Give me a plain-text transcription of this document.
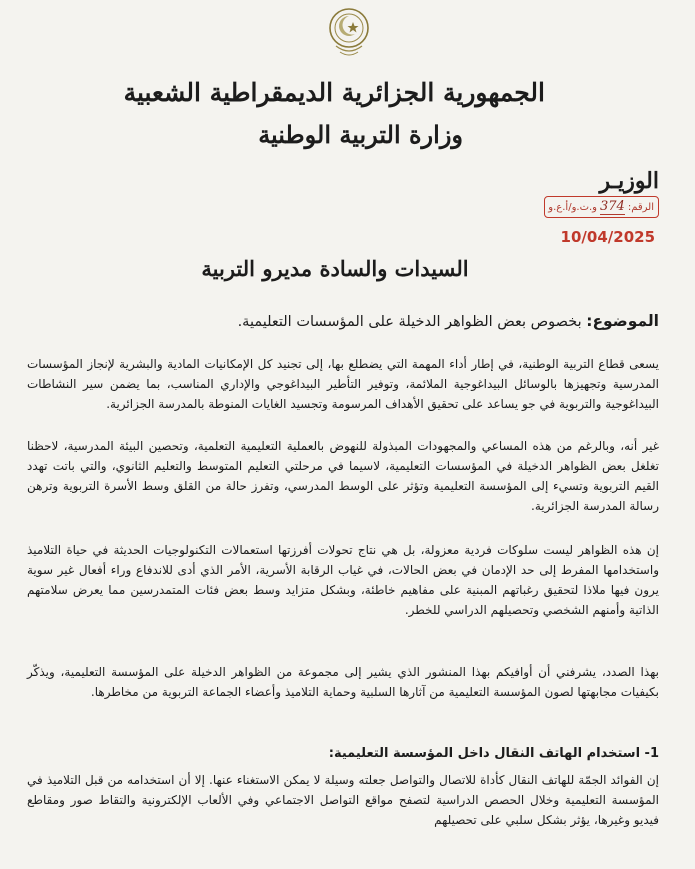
الجمهورية الجزائرية الديمقراطية الشعبية
وزارة التربية الوطنية
الوزيـر
الرقم:
374
و.ت.و/أ.ع.و
10/04/2025
السيدات والسادة مديرو التربية
الموضوع: بخصوص بعض الظواهر الدخيلة على المؤسسات التعليمية.

يسعى قطاع التربية الوطنية، في إطار أداء المهمة التي يضطلع بها، إلى تجنيد كل الإمكانيات المادية والبشرية لإنجاز المؤسسات المدرسية وتجهيزها بالوسائل البيداغوجية الملائمة، وتوفير التأطير البيداغوجي والإداري المناسب، بما يضمن سير النشاطات البيداغوجية والتربوية في جو يساعد على تحقيق الأهداف المرسومة وتجسيد الغايات المنوطة بالمدرسة الجزائرية.

غير أنه، وبالرغم من هذه المساعي والمجهودات المبذولة للنهوض بالعملية التعليمية التعلمية، وتحصين البيئة المدرسية، لاحظنا تغلغل بعض الظواهر الدخيلة في المؤسسات التعليمية، لاسيما في مرحلتي التعليم المتوسط والتعليم الثانوي، والتي باتت تهدد القيم التربوية وتسيء إلى المؤسسة التعليمية وتؤثر على الوسط المدرسي، وتفرز حالة من القلق وسط الأسرة التربوية وترهن رسالة المدرسة الجزائرية.

إن هذه الظواهر ليست سلوكات فردية معزولة، بل هي نتاج تحولات أفرزتها استعمالات التكنولوجيات الحديثة في حياة التلاميذ واستخدامها المفرط إلى حد الإدمان في بعض الحالات، في غياب الرقابة الأسرية، الأمر الذي أدى للاندفاع وراء أفعال غير سوية يرون فيها ملاذا لتحقيق رغباتهم المبنية على مفاهيم خاطئة، وبشكل متزايد وسط بعض فئات المتمدرسين مما يعرض سلامتهم الذاتية وأمنهم الشخصي وتحصيلهم الدراسي للخطر.

بهذا الصدد، يشرفني أن أوافيكم بهذا المنشور الذي يشير إلى مجموعة من الظواهر الدخيلة على المؤسسة التعليمية، ويذكّر بكيفيات مجابهتها لصون المؤسسة التعليمية من آثارها السلبية وحماية التلاميذ وأعضاء الجماعة التربوية من مخاطرها.

1- استخدام الهاتف النقال داخل المؤسسة التعليمية:

إن الفوائد الجمّة للهاتف النقال كأداة للاتصال والتواصل جعلته وسيلة لا يمكن الاستغناء عنها. إلا أن استخدامه من قبل التلاميذ في المؤسسة التعليمية وخلال الحصص الدراسية لتصفح مواقع التواصل الاجتماعي وفي الألعاب الإلكترونية والتقاط صور ومقاطع فيديو وغيرها، يؤثر بشكل سلبي على تحصيلهم
